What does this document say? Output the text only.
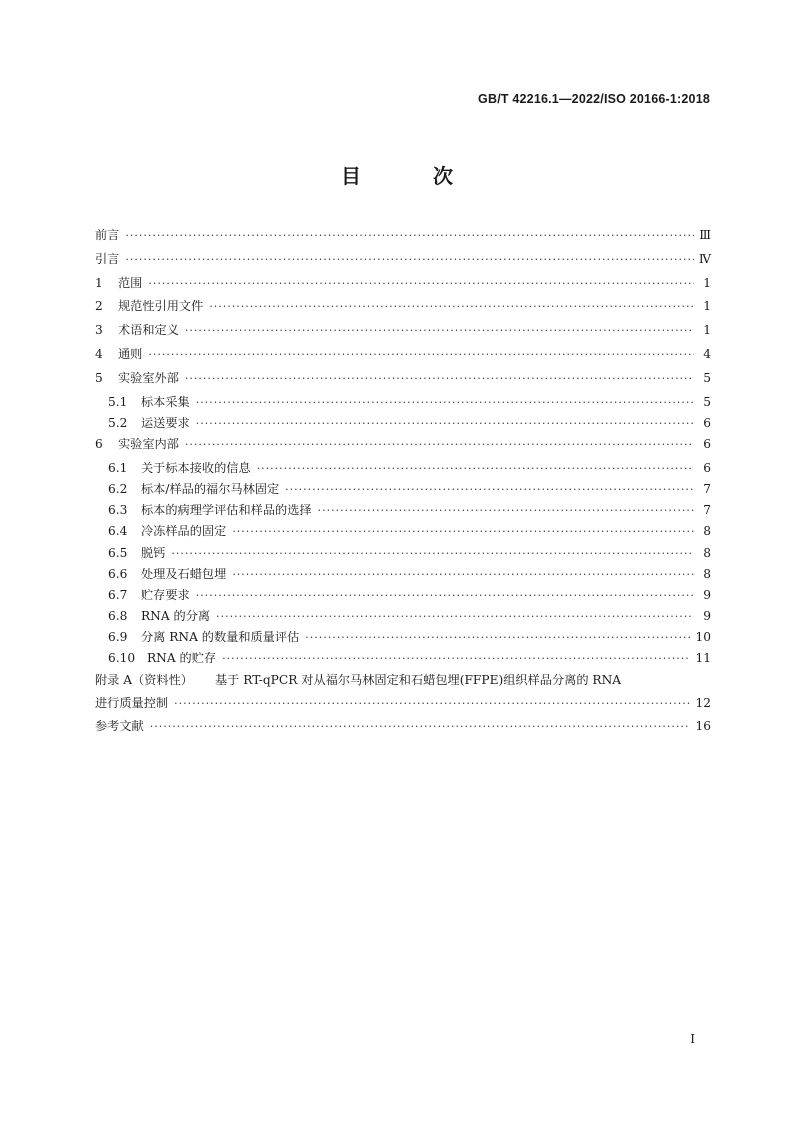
GB/T 42216.1—2022/ISO 20166-1:2018
目　次
前言 ·····	Ⅲ
引言 ·····	Ⅳ
1	范围 ·····	1
2	规范性引用文件 ·····	1
3	术语和定义 ·····	1
4	通则 ·····	4
5	实验室外部 ·····	5
5.1	标本采集 ·····	5
5.2	运送要求 ·····	6
6	实验室内部 ·····	6
6.1	关于标本接收的信息 ·····	6
6.2	标本/样品的福尔马林固定 ·····	7
6.3	标本的病理学评估和样品的选择 ·····	7
6.4	冷冻样品的固定 ·····	8
6.5	脱钙 ·····	8
6.6	处理及石蜡包埋 ·····	8
6.7	贮存要求 ·····	9
6.8	RNA 的分离 ·····	9
6.9	分离 RNA 的数量和质量评估 ·····	10
6.10 RNA 的贮存 ·····	11
附录 A（资料性）	基于 RT-qPCR 对从福尔马林固定和石蜡包埋(FFPE)组织样品分离的 RNA
进行质量控制 ·····	12
参考文献 ·····	16
I
